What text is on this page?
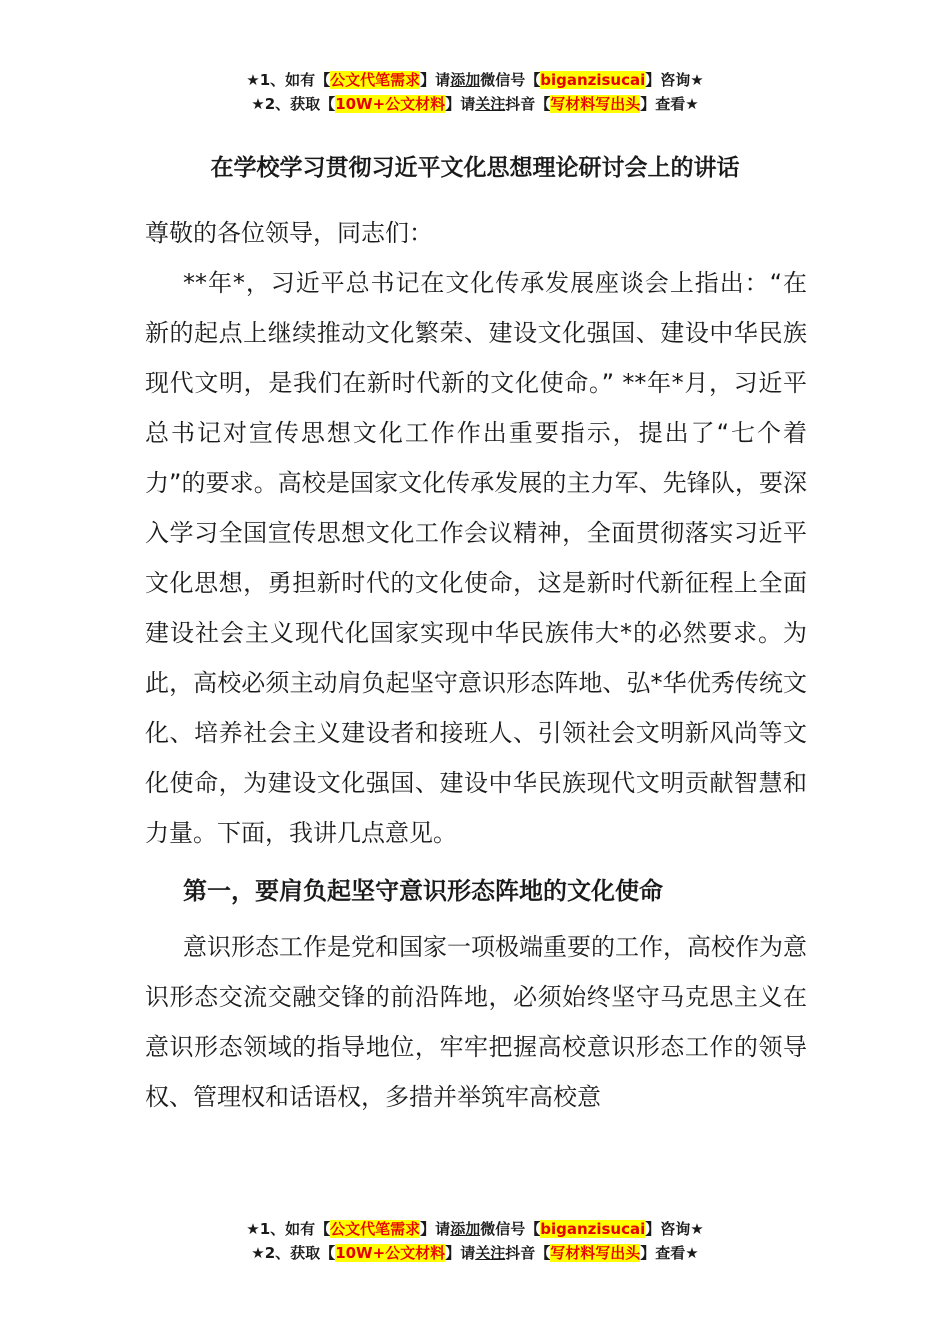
★1、如有【公文代笔需求】请添加微信号【biganzisucai】咨询★
★2、获取【10W+公文材料】请关注抖音【写材料写出头】查看★
在学校学习贯彻习近平文化思想理论研讨会上的讲话

尊敬的各位领导，同志们：

**年*，习近平总书记在文化传承发展座谈会上指出：“在新的起点上继续推动文化繁荣、建设文化强国、建设中华民族现代文明，是我们在新时代新的文化使命。” **年*月，习近平总书记对宣传思想文化工作作出重要指示，提出了“七个着力”的要求。高校是国家文化传承发展的主力军、先锋队，要深入学习全国宣传思想文化工作会议精神，全面贯彻落实习近平文化思想，勇担新时代的文化使命，这是新时代新征程上全面建设社会主义现代化国家实现中华民族伟大*的必然要求。为此，高校必须主动肩负起坚守意识形态阵地、弘*华优秀传统文化、培养社会主义建设者和接班人、引领社会文明新风尚等文化使命，为建设文化强国、建设中华民族现代文明贡献智慧和力量。下面，我讲几点意见。

第一，要肩负起坚守意识形态阵地的文化使命

意识形态工作是党和国家一项极端重要的工作，高校作为意识形态交流交融交锋的前沿阵地，必须始终坚守马克思主义在意识形态领域的指导地位，牢牢把握高校意识形态工作的领导权、管理权和话语权，多措并举筑牢高校意

★1、如有【公文代笔需求】请添加微信号【biganzisucai】咨询★
★2、获取【10W+公文材料】请关注抖音【写材料写出头】查看★
